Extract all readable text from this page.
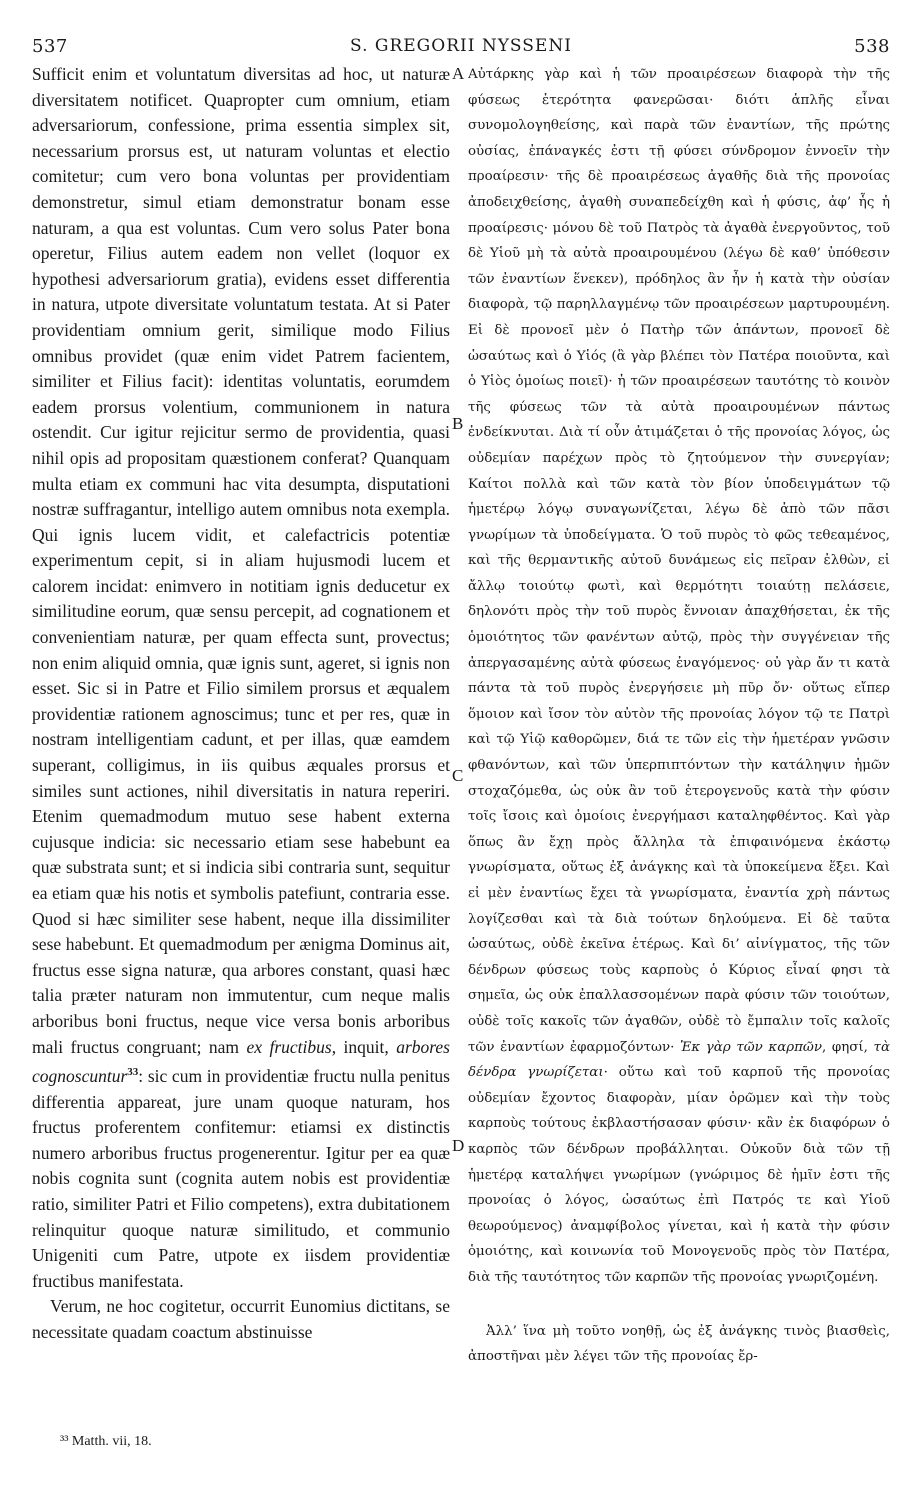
537	S. GREGORII NYSSENI	538

Sufficit enim et voluntatum diversitas ad hoc, ut naturæ diversitatem notificet. Quapropter cum omnium, etiam adversariorum, confessione, prima essentia simplex sit, necessarium prorsus est, ut naturam voluntas et electio comitetur; cum vero bona voluntas per providentiam demonstretur, simul etiam demonstratur bonam esse naturam, a qua est voluntas. Cum vero solus Pater bona operetur, Filius autem eadem non vellet (loquor ex hypothesi adversariorum gratia), evidens esset differentia in natura, utpote diversitate voluntatum testata. At si Pater providentiam omnium gerit, similique modo Filius omnibus providet (quæ enim videt Patrem facientem, similiter et Filius facit): identitas voluntatis, eorumdem eadem prorsus volentium, communionem in natura ostendit. Cur igitur rejicitur sermo de providentia, quasi nihil opis ad propositam quæstionem conferat? Quanquam multa etiam ex communi hac vita desumpta, disputationi nostræ suffragantur, intelligo autem omnibus nota exempla. Qui ignis lucem vidit, et calefactricis potentiæ experimentum cepit, si in aliam hujusmodi lucem et calorem incidat: enimvero in notitiam ignis deducetur ex similitudine eorum, quæ sensu percepit, ad cognationem et convenientiam naturæ, per quam effecta sunt, provectus; non enim aliquid omnia, quæ ignis sunt, ageret, si ignis non esset. Sic si in Patre et Filio similem prorsus et æqualem providentiæ rationem agnoscimus; tunc et per res, quæ in nostram intelligentiam cadunt, et per illas, quæ eamdem superant, colligimus, in iis quibus æquales prorsus et similes sunt actiones, nihil diversitatis in natura reperiri. Etenim quemadmodum mutuo sese habent externa cujusque indicia: sic necessario etiam sese habebunt ea quæ substrata sunt; et si indicia sibi contraria sunt, sequitur ea etiam quæ his notis et symbolis patefiunt, contraria esse. Quod si hæc similiter sese habent, neque illa dissimiliter sese habebunt. Et quemadmodum per ænigma Dominus ait, fructus esse signa naturæ, qua arbores constant, quasi hæc talia præter naturam non immutentur, cum neque malis arboribus boni fructus, neque vice versa bonis arboribus mali fructus congruant; nam ex fructibus, inquit, arbores cognoscuntur$^{33}$: sic cum in providentiæ fructu nulla penitus differentia appareat, jure unam quoque naturam, hos fructus proferentem confitemur: etiamsi ex distinctis numero arboribus fructus progenerentur. Igitur per ea quæ nobis cognita sunt (cognita autem nobis est providentiæ ratio, similiter Patri et Filio competens), extra dubitationem relinquitur quoque naturæ similitudo, et communio Unigeniti cum Patre, utpote ex iisdem providentiæ fructibus manifestata.

Verum, ne hoc cogitetur, occurrit Eunomius dictitans, se necessitate quadam coactum abstinuisse

A
B
C
D

Αὐτάρκης γὰρ καὶ ἡ τῶν προαιρέσεων διαφορὰ τὴν τῆς φύσεως ἑτερότητα φανερῶσαι· διότι ἁπλῆς εἶναι συνομολογηθείσης, καὶ παρὰ τῶν ἐναντίων, τῆς πρώτης οὐσίας, ἐπάναγκές ἐστι τῇ φύσει σύνδρομον ἐννοεῖν τὴν προαίρεσιν· τῆς δὲ προαιρέσεως ἀγαθῆς διὰ τῆς προνοίας ἀποδειχθείσης, ἀγαθὴ συναπεδείχθη καὶ ἡ φύσις, ἀφ’ ἧς ἡ προαίρεσις· μόνου δὲ τοῦ Πατρὸς τὰ ἀγαθὰ ἐνεργοῦντος, τοῦ δὲ Υἱοῦ μὴ τὰ αὐτὰ προαιρουμένου (λέγω δὲ καθ’ ὑπόθεσιν τῶν ἐναντίων ἕνεκεν), πρόδηλος ἂν ἦν ἡ κατὰ τὴν οὐσίαν διαφορὰ, τῷ παρηλλαγμένῳ τῶν προαιρέσεων μαρτυρουμένη. Εἰ δὲ προνοεῖ μὲν ὁ Πατὴρ τῶν ἁπάντων, προνοεῖ δὲ ὡσαύτως καὶ ὁ Υἱός (ἃ γὰρ βλέπει τὸν Πατέρα ποιοῦντα, καὶ ὁ Υἱὸς ὁμοίως ποιεῖ)· ἡ τῶν προαιρέσεων ταυτότης τὸ κοινὸν τῆς φύσεως τῶν τὰ αὐτὰ προαιρουμένων πάντως ἐνδείκνυται. Διὰ τί οὖν ἀτιμάζεται ὁ τῆς προνοίας λόγος, ὡς οὐδεμίαν παρέχων πρὸς τὸ ζητούμενον τὴν συνεργίαν; Καίτοι πολλὰ καὶ τῶν κατὰ τὸν βίον ὑποδειγμάτων τῷ ἡμετέρῳ λόγῳ συναγωνίζεται, λέγω δὲ ἀπὸ τῶν πᾶσι γνωρίμων τὰ ὑποδείγματα. Ὁ τοῦ πυρὸς τὸ φῶς τεθεαμένος, καὶ τῆς θερμαντικῆς αὐτοῦ δυνάμεως εἰς πεῖραν ἐλθὼν, εἰ ἄλλῳ τοιούτῳ φωτὶ, καὶ θερμότητι τοιαύτῃ πελάσειε, δηλονότι πρὸς τὴν τοῦ πυρὸς ἔννοιαν ἀπαχθήσεται, ἐκ τῆς ὁμοιότητος τῶν φανέντων αὐτῷ, πρὸς τὴν συγγένειαν τῆς ἀπεργασαμένης αὐτὰ φύσεως ἐναγόμενος· οὐ γὰρ ἄν τι κατὰ πάντα τὰ τοῦ πυρὸς ἐνεργήσειε μὴ πῦρ ὄν· οὕτως εἴπερ ὅμοιον καὶ ἴσον τὸν αὐτὸν τῆς προνοίας λόγον τῷ τε Πατρὶ καὶ τῷ Υἱῷ καθορῶμεν, διά τε τῶν εἰς τὴν ἡμετέραν γνῶσιν φθανόντων, καὶ τῶν ὑπερπιπτόντων τὴν κατάληψιν ἡμῶν στοχαζόμεθα, ὡς οὐκ ἂν τοῦ ἑτερογενοῦς κατὰ τὴν φύσιν τοῖς ἴσοις καὶ ὁμοίοις ἐνεργήμασι καταληφθέντος. Καὶ γὰρ ὅπως ἂν ἔχῃ πρὸς ἄλληλα τὰ ἐπιφαινόμενα ἑκάστῳ γνωρίσματα, οὕτως ἐξ ἀνάγκης καὶ τὰ ὑποκείμενα ἕξει. Καὶ εἰ μὲν ἐναντίως ἔχει τὰ γνωρίσματα, ἐναντία χρὴ πάντως λογίζεσθαι καὶ τὰ διὰ τούτων δηλούμενα. Εἰ δὲ ταῦτα ὡσαύτως, οὐδὲ ἐκεῖνα ἑτέρως. Καὶ δι’ αἰνίγματος, τῆς τῶν δένδρων φύσεως τοὺς καρποὺς ὁ Κύριος εἶναί φησι τὰ σημεῖα, ὡς οὐκ ἐπαλλασσομένων παρὰ φύσιν τῶν τοιούτων, οὐδὲ τοῖς κακοῖς τῶν ἀγαθῶν, οὐδὲ τὸ ἔμπαλιν τοῖς καλοῖς τῶν ἐναντίων ἐφαρμοζόντων· Ἐκ γὰρ τῶν καρπῶν, φησί, τὰ δένδρα γνωρίζεται· οὕτω καὶ τοῦ καρποῦ τῆς προνοίας οὐδεμίαν ἔχοντος διαφορὰν, μίαν ὁρῶμεν καὶ τὴν τοὺς καρποὺς τούτους ἐκβλαστήσασαν φύσιν· κἂν ἐκ διαφόρων ὁ καρπὸς τῶν δένδρων προβάλληται. Οὐκοῦν διὰ τῶν τῇ ἡμετέρᾳ καταλήψει γνωρίμων (γνώριμος δὲ ἡμῖν ἐστι τῆς προνοίας ὁ λόγος, ὡσαύτως ἐπὶ Πατρός τε καὶ Υἱοῦ θεωρούμενος) ἀναμφίβολος γίνεται, καὶ ἡ κατὰ τὴν φύσιν ὁμοιότης, καὶ κοινωνία τοῦ Μονογενοῦς πρὸς τὸν Πατέρα, διὰ τῆς ταυτότητος τῶν καρπῶν τῆς προνοίας γνωριζομένη.

Ἀλλ’ ἵνα μὴ τοῦτο νοηθῇ, ὡς ἐξ ἀνάγκης τινὸς βιασθεὶς, ἀποστῆναι μὲν λέγει τῶν τῆς προνοίας ἔρ-

³³ Matth. vii, 18.
